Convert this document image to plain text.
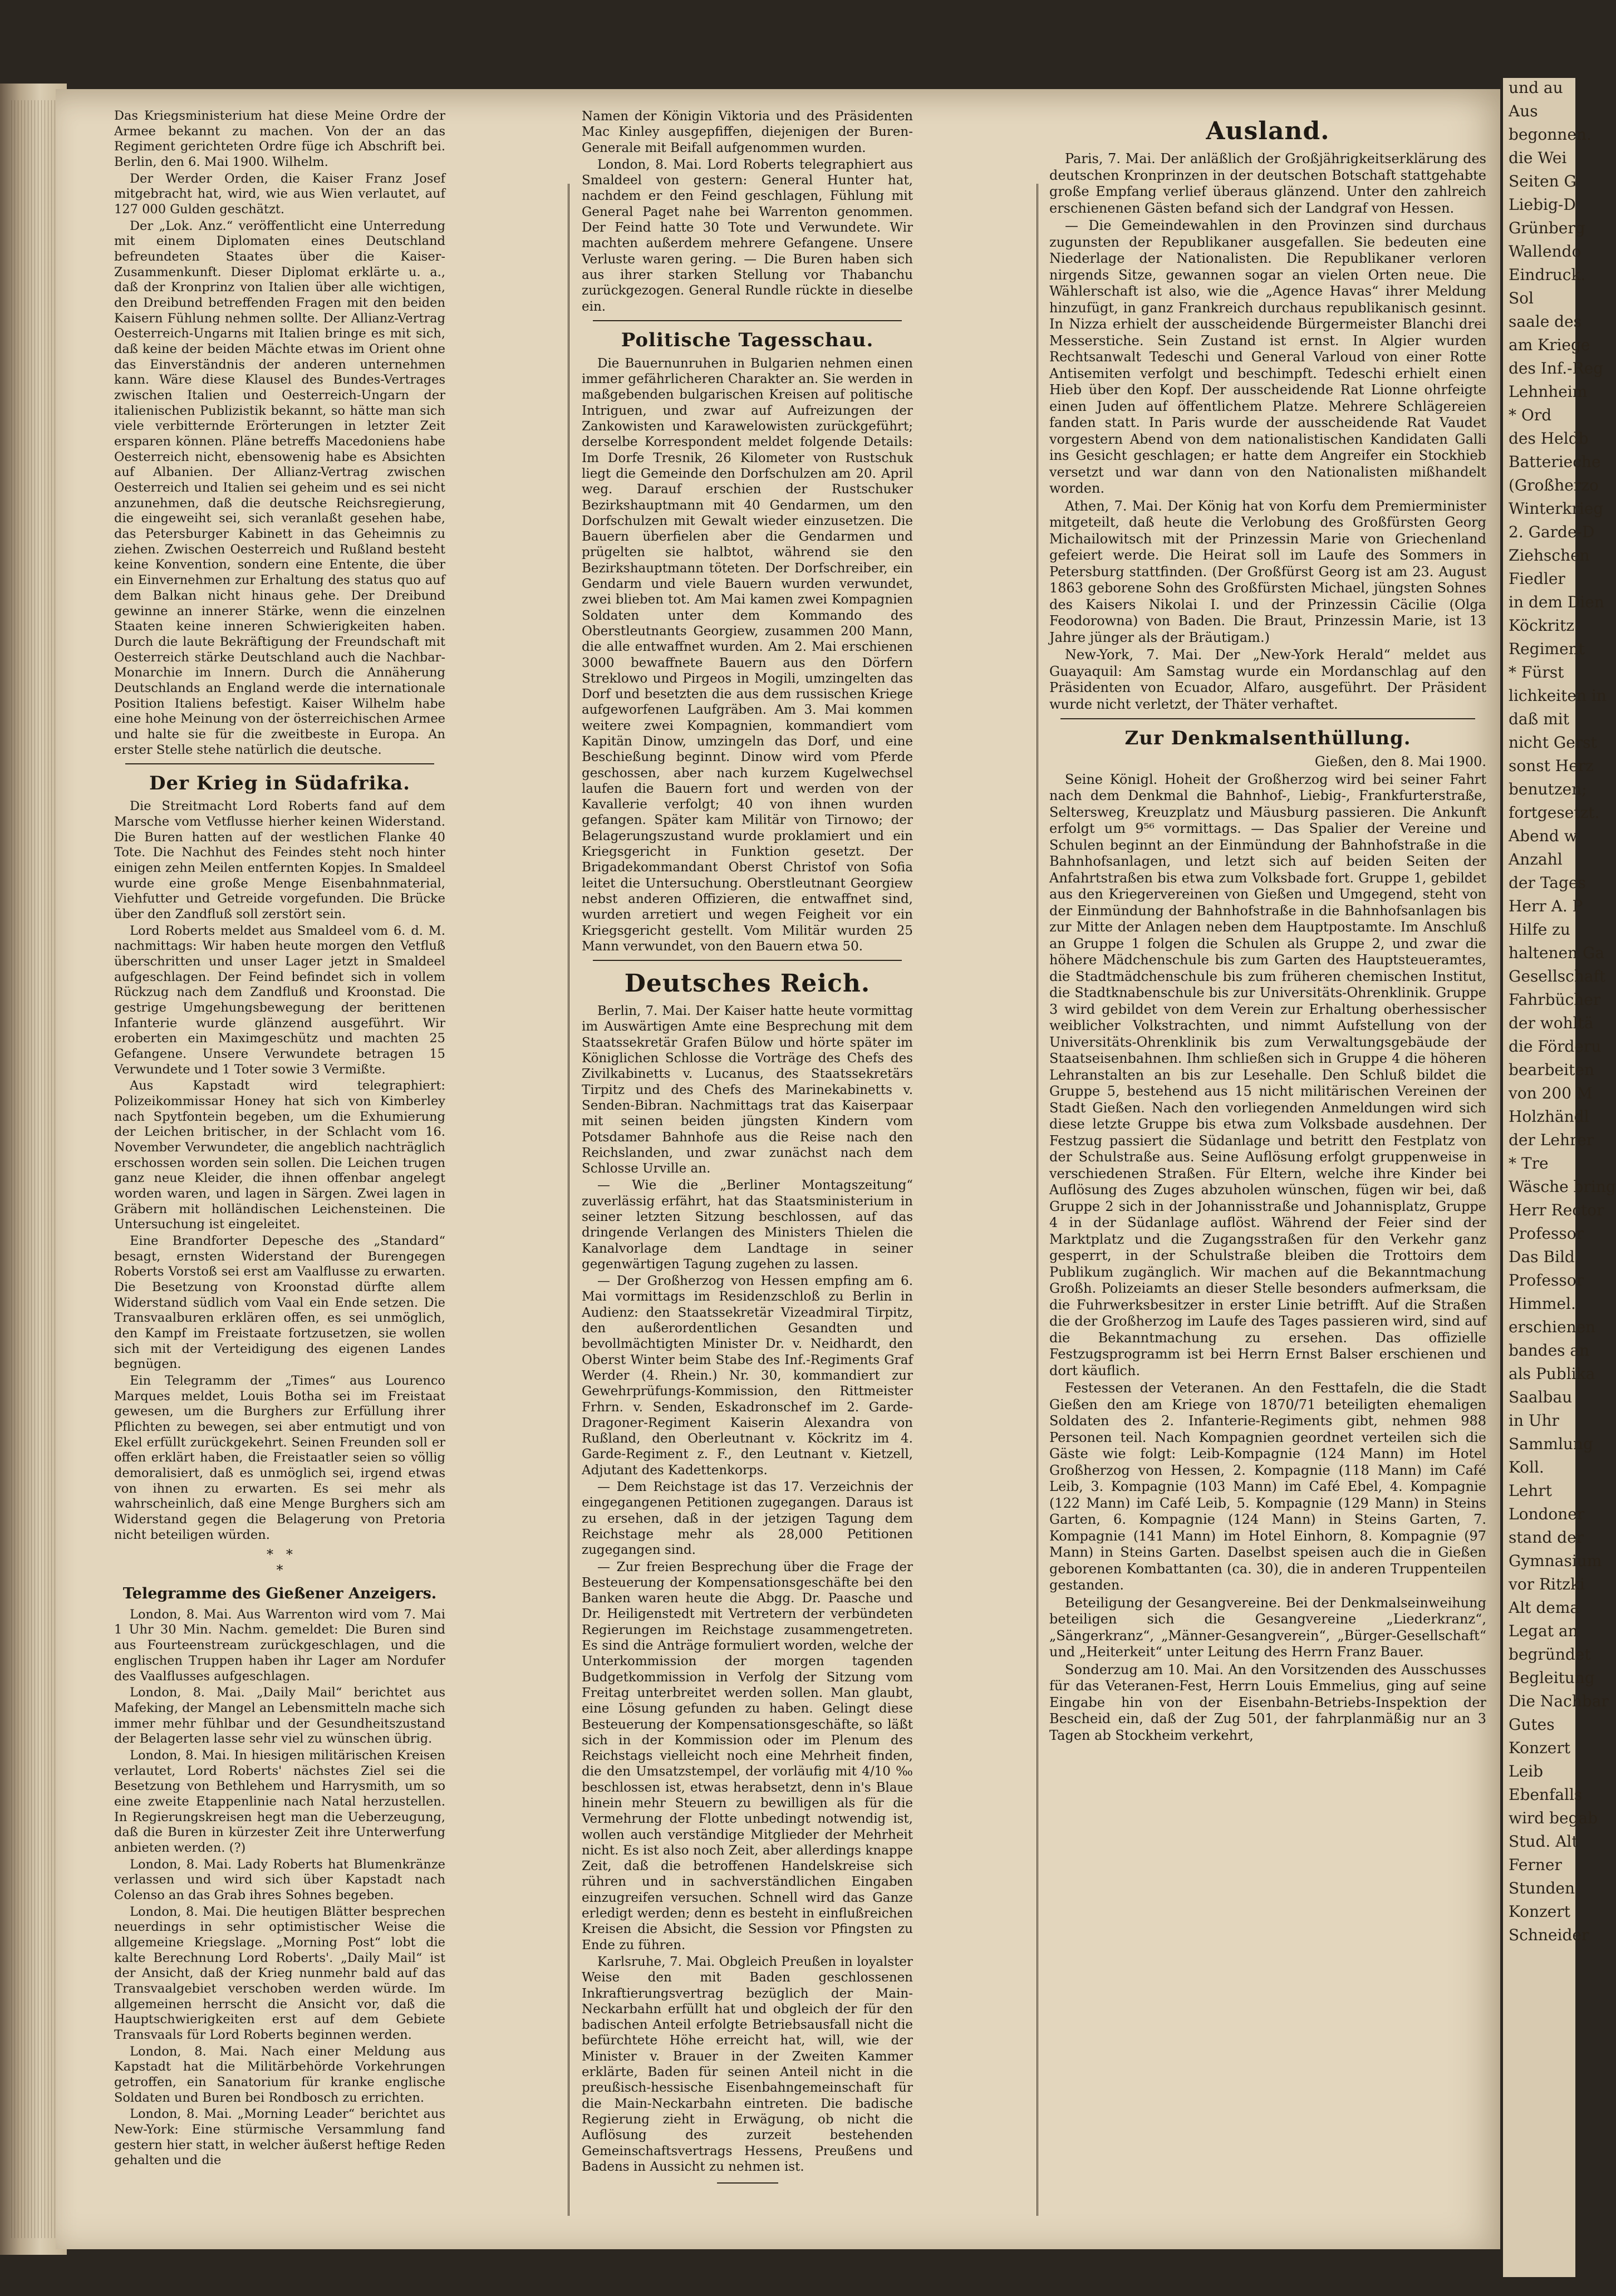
und au

Aus

begonnen.

die Wei

Seiten G

Liebig-D

Grünberg

Wallendo

Eindruck.

Sol

saale des

am Kriege

des Inf.-Reg

Lehnheim

* Ord

des Heldb

Batterieche

(Großherzo

Winterkrieg

2. Garde-D

Ziehschen

Fiedler

in dem Dien

Köckritz

Regiment

* Fürst

lichkeiten in

daß mit

nicht Gerst

sonst Herz

benutzen;

fortgesetzt.

Abend w

Anzahl

der Tages

Herr A. P

Hilfe zu

haltenen Ga

Gesellschaft

Fahrbücher

der wohltä

die Förderu

bearbeiten

von 200 M

Holzhändl

der Lehrer

* Tre

Wäsche bring

Herr Rector

Professor

Das Bild

Professor

Himmel.

erschienen

bandes an

als Publika

Saalbau

in Uhr

Sammlung

Koll.

Lehrt

Londoner

stand der

Gymnasium

vor Ritzki

Alt dema

Legat an

begründet

Begleitung

Die Nachbar

Gutes

Konzert

Leib

Ebenfalls

wird begab

Stud. Alt

Ferner

Stunden

Konzert

Schneider

Das Kriegsministerium hat diese Meine Ordre der Armee bekannt zu machen. Von der an das Regiment gerichteten Ordre füge ich Abschrift bei. Berlin, den 6. Mai 1900. Wilhelm.

Der Werder Orden, die Kaiser Franz Josef mitgebracht hat, wird, wie aus Wien verlautet, auf 127 000 Gulden geschätzt.

Der „Lok. Anz.“ veröffentlicht eine Unterredung mit einem Diplomaten eines Deutschland befreundeten Staates über die Kaiser-Zusammenkunft. Dieser Diplomat erklärte u. a., daß der Kronprinz von Italien über alle wichtigen, den Dreibund betreffenden Fragen mit den beiden Kaisern Fühlung nehmen sollte. Der Allianz-Vertrag Oesterreich-Ungarns mit Italien bringe es mit sich, daß keine der beiden Mächte etwas im Orient ohne das Einverständnis der anderen unternehmen kann. Wäre diese Klausel des Bundes-Vertrages zwischen Italien und Oesterreich-Ungarn der italienischen Publizistik bekannt, so hätte man sich viele verbitternde Erörterungen in letzter Zeit ersparen können. Pläne betreffs Macedoniens habe Oesterreich nicht, ebensowenig habe es Absichten auf Albanien. Der Allianz-Vertrag zwischen Oesterreich und Italien sei geheim und es sei nicht anzunehmen, daß die deutsche Reichsregierung, die eingeweiht sei, sich veranlaßt gesehen habe, das Petersburger Kabinett in das Geheimnis zu ziehen. Zwischen Oesterreich und Rußland besteht keine Konvention, sondern eine Entente, die über ein Einvernehmen zur Erhaltung des status quo auf dem Balkan nicht hinaus gehe. Der Dreibund gewinne an innerer Stärke, wenn die einzelnen Staaten keine inneren Schwierigkeiten haben. Durch die laute Bekräftigung der Freundschaft mit Oesterreich stärke Deutschland auch die Nachbar-Monarchie im Innern. Durch die Annäherung Deutschlands an England werde die internationale Position Italiens befestigt. Kaiser Wilhelm habe eine hohe Meinung von der österreichischen Armee und halte sie für die zweitbeste in Europa. An erster Stelle stehe natürlich die deutsche.

Der Krieg in Südafrika.

Die Streitmacht Lord Roberts fand auf dem Marsche vom Vetflusse hierher keinen Widerstand. Die Buren hatten auf der westlichen Flanke 40 Tote. Die Nachhut des Feindes steht noch hinter einigen zehn Meilen entfernten Kopjes. In Smaldeel wurde eine große Menge Eisenbahnmaterial, Viehfutter und Getreide vorgefunden. Die Brücke über den Zandfluß soll zerstört sein.

Lord Roberts meldet aus Smaldeel vom 6. d. M. nachmittags: Wir haben heute morgen den Vetfluß überschritten und unser Lager jetzt in Smaldeel aufgeschlagen. Der Feind befindet sich in vollem Rückzug nach dem Zandfluß und Kroonstad. Die gestrige Umgehungsbewegung der berittenen Infanterie wurde glänzend ausgeführt. Wir eroberten ein Maximgeschütz und machten 25 Gefangene. Unsere Verwundete betragen 15 Verwundete und 1 Toter sowie 3 Vermißte.

Aus Kapstadt wird telegraphiert: Polizeikommissar Honey hat sich von Kimberley nach Spytfontein begeben, um die Exhumierung der Leichen britischer, in der Schlacht vom 16. November Verwundeter, die angeblich nachträglich erschossen worden sein sollen. Die Leichen trugen ganz neue Kleider, die ihnen offenbar angelegt worden waren, und lagen in Särgen. Zwei lagen in Gräbern mit holländischen Leichensteinen. Die Untersuchung ist eingeleitet.

Eine Brandforter Depesche des „Standard“ besagt, ernsten Widerstand der Burengegen Roberts Vorstoß sei erst am Vaalflusse zu erwarten. Die Besetzung von Kroonstad dürfte allem Widerstand südlich vom Vaal ein Ende setzen. Die Transvaalburen erklären offen, es sei unmöglich, den Kampf im Freistaate fortzusetzen, sie wollen sich mit der Verteidigung des eigenen Landes begnügen.

Ein Telegramm der „Times“ aus Lourenco Marques meldet, Louis Botha sei im Freistaat gewesen, um die Burghers zur Erfüllung ihrer Pflichten zu bewegen, sei aber entmutigt und von Ekel erfüllt zurückgekehrt. Seinen Freunden soll er offen erklärt haben, die Freistaatler seien so völlig demoralisiert, daß es unmöglich sei, irgend etwas von ihnen zu erwarten. Es sei mehr als wahrscheinlich, daß eine Menge Burghers sich am Widerstand gegen die Belagerung von Pretoria nicht beteiligen würden.

*   *
*
Telegramme des Gießener Anzeigers.

London, 8. Mai. Aus Warrenton wird vom 7. Mai 1 Uhr 30 Min. Nachm. gemeldet: Die Buren sind aus Fourteenstream zurückgeschlagen, und die englischen Truppen haben ihr Lager am Nordufer des Vaalflusses aufgeschlagen.

London, 8. Mai. „Daily Mail“ berichtet aus Mafeking, der Mangel an Lebensmitteln mache sich immer mehr fühlbar und der Gesundheitszustand der Belagerten lasse sehr viel zu wünschen übrig.

London, 8. Mai. In hiesigen militärischen Kreisen verlautet, Lord Roberts' nächstes Ziel sei die Besetzung von Bethlehem und Harrysmith, um so eine zweite Etappenlinie nach Natal herzustellen. In Regierungskreisen hegt man die Ueberzeugung, daß die Buren in kürzester Zeit ihre Unterwerfung anbieten werden. (?)

London, 8. Mai. Lady Roberts hat Blumenkränze verlassen und wird sich über Kapstadt nach Colenso an das Grab ihres Sohnes begeben.

London, 8. Mai. Die heutigen Blätter besprechen neuerdings in sehr optimistischer Weise die allgemeine Kriegslage. „Morning Post“ lobt die kalte Berechnung Lord Roberts'. „Daily Mail“ ist der Ansicht, daß der Krieg nunmehr bald auf das Transvaalgebiet verschoben werden würde. Im allgemeinen herrscht die Ansicht vor, daß die Hauptschwierigkeiten erst auf dem Gebiete Transvaals für Lord Roberts beginnen werden.

London, 8. Mai. Nach einer Meldung aus Kapstadt hat die Militärbehörde Vorkehrungen getroffen, ein Sanatorium für kranke englische Soldaten und Buren bei Rondbosch zu errichten.

London, 8. Mai. „Morning Leader“ berichtet aus New-York: Eine stürmische Versammlung fand gestern hier statt, in welcher äußerst heftige Reden gehalten und die

Namen der Königin Viktoria und des Präsidenten Mac Kinley ausgepfiffen, diejenigen der Buren-Generale mit Beifall aufgenommen wurden.

London, 8. Mai. Lord Roberts telegraphiert aus Smaldeel von gestern: General Hunter hat, nachdem er den Feind geschlagen, Fühlung mit General Paget nahe bei Warrenton genommen. Der Feind hatte 30 Tote und Verwundete. Wir machten außerdem mehrere Gefangene. Unsere Verluste waren gering. — Die Buren haben sich aus ihrer starken Stellung vor Thabanchu zurückgezogen. General Rundle rückte in dieselbe ein.

Politische Tagesschau.

Die Bauernunruhen in Bulgarien nehmen einen immer gefährlicheren Charakter an. Sie werden in maßgebenden bulgarischen Kreisen auf politische Intriguen, und zwar auf Aufreizungen der Zankowisten und Karawelowisten zurückgeführt; derselbe Korrespondent meldet folgende Details: Im Dorfe Tresnik, 26 Kilometer von Rustschuk liegt die Gemeinde den Dorfschulzen am 20. April weg. Darauf erschien der Rustschuker Bezirkshauptmann mit 40 Gendarmen, um den Dorfschulzen mit Gewalt wieder einzusetzen. Die Bauern überfielen aber die Gendarmen und prügelten sie halbtot, während sie den Bezirkshauptmann töteten. Der Dorfschreiber, ein Gendarm und viele Bauern wurden verwundet, zwei blieben tot. Am Mai kamen zwei Kompagnien Soldaten unter dem Kommando des Oberstleutnants Georgiew, zusammen 200 Mann, die alle entwaffnet wurden. Am 2. Mai erschienen 3000 bewaffnete Bauern aus den Dörfern Streklowo und Pirgeos in Mogili, umzingelten das Dorf und besetzten die aus dem russischen Kriege aufgeworfenen Laufgräben. Am 3. Mai kommen weitere zwei Kompagnien, kommandiert vom Kapitän Dinow, umzingeln das Dorf, und eine Beschießung beginnt. Dinow wird vom Pferde geschossen, aber nach kurzem Kugelwechsel laufen die Bauern fort und werden von der Kavallerie verfolgt; 40 von ihnen wurden gefangen. Später kam Militär von Tirnowo; der Belagerungszustand wurde proklamiert und ein Kriegsgericht in Funktion gesetzt. Der Brigadekommandant Oberst Christof von Sofia leitet die Untersuchung. Oberstleutnant Georgiew nebst anderen Offizieren, die entwaffnet sind, wurden arretiert und wegen Feigheit vor ein Kriegsgericht gestellt. Vom Militär wurden 25 Mann verwundet, von den Bauern etwa 50.

Deutsches Reich.

Berlin, 7. Mai. Der Kaiser hatte heute vormittag im Auswärtigen Amte eine Besprechung mit dem Staatssekretär Grafen Bülow und hörte später im Königlichen Schlosse die Vorträge des Chefs des Zivilkabinetts v. Lucanus, des Staatssekretärs Tirpitz und des Chefs des Marinekabinetts v. Senden-Bibran. Nachmittags trat das Kaiserpaar mit seinen beiden jüngsten Kindern vom Potsdamer Bahnhofe aus die Reise nach den Reichslanden, und zwar zunächst nach dem Schlosse Urville an.

— Wie die „Berliner Montagszeitung“ zuverlässig erfährt, hat das Staatsministerium in seiner letzten Sitzung beschlossen, auf das dringende Verlangen des Ministers Thielen die Kanalvorlage dem Landtage in seiner gegenwärtigen Tagung zugehen zu lassen.

— Der Großherzog von Hessen empfing am 6. Mai vormittags im Residenzschloß zu Berlin in Audienz: den Staatssekretär Vizeadmiral Tirpitz, den außerordentlichen Gesandten und bevollmächtigten Minister Dr. v. Neidhardt, den Oberst Winter beim Stabe des Inf.-Regiments Graf Werder (4. Rhein.) Nr. 30, kommandiert zur Gewehrprüfungs-Kommission, den Rittmeister Frhrn. v. Senden, Eskadronschef im 2. Garde-Dragoner-Regiment Kaiserin Alexandra von Rußland, den Oberleutnant v. Köckritz im 4. Garde-Regiment z. F., den Leutnant v. Kietzell, Adjutant des Kadettenkorps.

— Dem Reichstage ist das 17. Verzeichnis der eingegangenen Petitionen zugegangen. Daraus ist zu ersehen, daß in der jetzigen Tagung dem Reichstage mehr als 28,000 Petitionen zugegangen sind.

— Zur freien Besprechung über die Frage der Besteuerung der Kompensationsgeschäfte bei den Banken waren heute die Abgg. Dr. Paasche und Dr. Heiligenstedt mit Vertretern der verbündeten Regierungen im Reichstage zusammengetreten. Es sind die Anträge formuliert worden, welche der Unterkommission der morgen tagenden Budgetkommission in Verfolg der Sitzung vom Freitag unterbreitet werden sollen. Man glaubt, eine Lösung gefunden zu haben. Gelingt diese Besteuerung der Kompensationsgeschäfte, so läßt sich in der Kommission oder im Plenum des Reichstags vielleicht noch eine Mehrheit finden, die den Umsatzstempel, der vorläufig mit 4/10 ‰ beschlossen ist, etwas herabsetzt, denn in's Blaue hinein mehr Steuern zu bewilligen als für die Vermehrung der Flotte unbedingt notwendig ist, wollen auch verständige Mitglieder der Mehrheit nicht. Es ist also noch Zeit, aber allerdings knappe Zeit, daß die betroffenen Handelskreise sich rühren und in sachverständlichen Eingaben einzugreifen versuchen. Schnell wird das Ganze erledigt werden; denn es besteht in einflußreichen Kreisen die Absicht, die Session vor Pfingsten zu Ende zu führen.

Karlsruhe, 7. Mai. Obgleich Preußen in loyalster Weise den mit Baden geschlossenen Inkraftierungsvertrag bezüglich der Main-Neckarbahn erfüllt hat und obgleich der für den badischen Anteil erfolgte Betriebsausfall nicht die befürchtete Höhe erreicht hat, will, wie der Minister v. Brauer in der Zweiten Kammer erklärte, Baden für seinen Anteil nicht in die preußisch-hessische Eisenbahngemeinschaft für die Main-Neckarbahn eintreten. Die badische Regierung zieht in Erwägung, ob nicht die Auflösung des zurzeit bestehenden Gemeinschaftsvertrags Hessens, Preußens und Badens in Aussicht zu nehmen ist.

Ausland.

Paris, 7. Mai. Der anläßlich der Großjährigkeitserklärung des deutschen Kronprinzen in der deutschen Botschaft stattgehabte große Empfang verlief überaus glänzend. Unter den zahlreich erschienenen Gästen befand sich der Landgraf von Hessen.

— Die Gemeindewahlen in den Provinzen sind durchaus zugunsten der Republikaner ausgefallen. Sie bedeuten eine Niederlage der Nationalisten. Die Republikaner verloren nirgends Sitze, gewannen sogar an vielen Orten neue. Die Wählerschaft ist also, wie die „Agence Havas“ ihrer Meldung hinzufügt, in ganz Frankreich durchaus republikanisch gesinnt. In Nizza erhielt der ausscheidende Bürgermeister Blanchi drei Messerstiche. Sein Zustand ist ernst. In Algier wurden Rechtsanwalt Tedeschi und General Varloud von einer Rotte Antisemiten verfolgt und beschimpft. Tedeschi erhielt einen Hieb über den Kopf. Der ausscheidende Rat Lionne ohrfeigte einen Juden auf öffentlichem Platze. Mehrere Schlägereien fanden statt. In Paris wurde der ausscheidende Rat Vaudet vorgestern Abend von dem nationalistischen Kandidaten Galli ins Gesicht geschlagen; er hatte dem Angreifer ein Stockhieb versetzt und war dann von den Nationalisten mißhandelt worden.

Athen, 7. Mai. Der König hat von Korfu dem Premierminister mitgeteilt, daß heute die Verlobung des Großfürsten Georg Michailowitsch mit der Prinzessin Marie von Griechenland gefeiert werde. Die Heirat soll im Laufe des Sommers in Petersburg stattfinden. (Der Großfürst Georg ist am 23. August 1863 geborene Sohn des Großfürsten Michael, jüngsten Sohnes des Kaisers Nikolai I. und der Prinzessin Cäcilie (Olga Feodorowna) von Baden. Die Braut, Prinzessin Marie, ist 13 Jahre jünger als der Bräutigam.)

New-York, 7. Mai. Der „New-York Herald“ meldet aus Guayaquil: Am Samstag wurde ein Mordanschlag auf den Präsidenten von Ecuador, Alfaro, ausgeführt. Der Präsident wurde nicht verletzt, der Thäter verhaftet.

Zur Denkmalsenthüllung.

Gießen, den 8. Mai 1900.

Seine Königl. Hoheit der Großherzog wird bei seiner Fahrt nach dem Denkmal die Bahnhof-, Liebig-, Frankfurterstraße, Seltersweg, Kreuzplatz und Mäusburg passieren. Die Ankunft erfolgt um 9⁵⁶ vormittags. — Das Spalier der Vereine und Schulen beginnt an der Einmündung der Bahnhofstraße in die Bahnhofsanlagen, und letzt sich auf beiden Seiten der Anfahrtstraßen bis etwa zum Volksbade fort. Gruppe 1, gebildet aus den Kriegervereinen von Gießen und Umgegend, steht von der Einmündung der Bahnhofstraße in die Bahnhofsanlagen bis zur Mitte der Anlagen neben dem Hauptpostamte. Im Anschluß an Gruppe 1 folgen die Schulen als Gruppe 2, und zwar die höhere Mädchenschule bis zum Garten des Hauptsteueramtes, die Stadtmädchenschule bis zum früheren chemischen Institut, die Stadtknabenschule bis zur Universitäts-Ohrenklinik. Gruppe 3 wird gebildet von dem Verein zur Erhaltung oberhessischer weiblicher Volkstrachten, und nimmt Aufstellung von der Universitäts-Ohrenklinik bis zum Verwaltungsgebäude der Staatseisenbahnen. Ihm schließen sich in Gruppe 4 die höheren Lehranstalten an bis zur Lesehalle. Den Schluß bildet die Gruppe 5, bestehend aus 15 nicht militärischen Vereinen der Stadt Gießen. Nach den vorliegenden Anmeldungen wird sich diese letzte Gruppe bis etwa zum Volksbade ausdehnen. Der Festzug passiert die Südanlage und betritt den Festplatz von der Schulstraße aus. Seine Auflösung erfolgt gruppenweise in verschiedenen Straßen. Für Eltern, welche ihre Kinder bei Auflösung des Zuges abzuholen wünschen, fügen wir bei, daß Gruppe 2 sich in der Johannisstraße und Johannisplatz, Gruppe 4 in der Südanlage auflöst. Während der Feier sind der Marktplatz und die Zugangsstraßen für den Verkehr ganz gesperrt, in der Schulstraße bleiben die Trottoirs dem Publikum zugänglich. Wir machen auf die Bekanntmachung Großh. Polizeiamts an dieser Stelle besonders aufmerksam, die die Fuhrwerksbesitzer in erster Linie betrifft. Auf die Straßen die der Großherzog im Laufe des Tages passieren wird, sind auf die Bekanntmachung zu ersehen. Das offizielle Festzugsprogramm ist bei Herrn Ernst Balser erschienen und dort käuflich.

Festessen der Veteranen. An den Festtafeln, die die Stadt Gießen den am Kriege von 1870/71 beteiligten ehemaligen Soldaten des 2. Infanterie-Regiments gibt, nehmen 988 Personen teil. Nach Kompagnien geordnet verteilen sich die Gäste wie folgt: Leib-Kompagnie (124 Mann) im Hotel Großherzog von Hessen, 2. Kompagnie (118 Mann) im Café Leib, 3. Kompagnie (103 Mann) im Café Ebel, 4. Kompagnie (122 Mann) im Café Leib, 5. Kompagnie (129 Mann) in Steins Garten, 6. Kompagnie (124 Mann) in Steins Garten, 7. Kompagnie (141 Mann) im Hotel Einhorn, 8. Kompagnie (97 Mann) in Steins Garten. Daselbst speisen auch die in Gießen geborenen Kombattanten (ca. 30), die in anderen Truppenteilen gestanden.

Beteiligung der Gesangvereine. Bei der Denkmalseinweihung beteiligen sich die Gesangvereine „Liederkranz“, „Sängerkranz“, „Männer-Gesangverein“, „Bürger-Gesellschaft“ und „Heiterkeit“ unter Leitung des Herrn Franz Bauer.

Sonderzug am 10. Mai. An den Vorsitzenden des Ausschusses für das Veteranen-Fest, Herrn Louis Emmelius, ging auf seine Eingabe hin von der Eisenbahn-Betriebs-Inspektion der Bescheid ein, daß der Zug 501, der fahrplanmäßig nur an 3 Tagen ab Stockheim verkehrt,
